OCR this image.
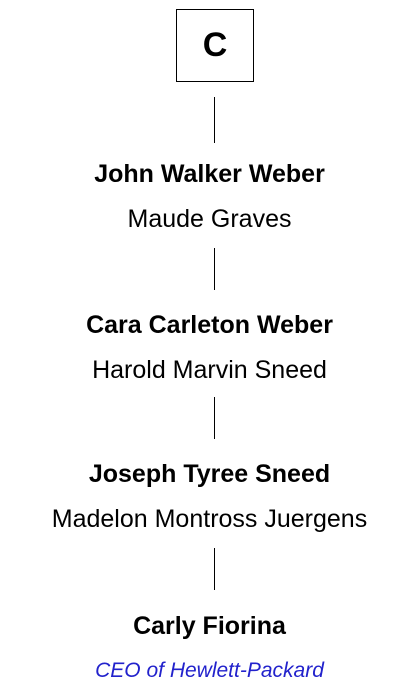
C
John Walker Weber
Maude Graves
Cara Carleton Weber
Harold Marvin Sneed
Joseph Tyree Sneed
Madelon Montross Juergens
Carly Fiorina
CEO of Hewlett-Packard
